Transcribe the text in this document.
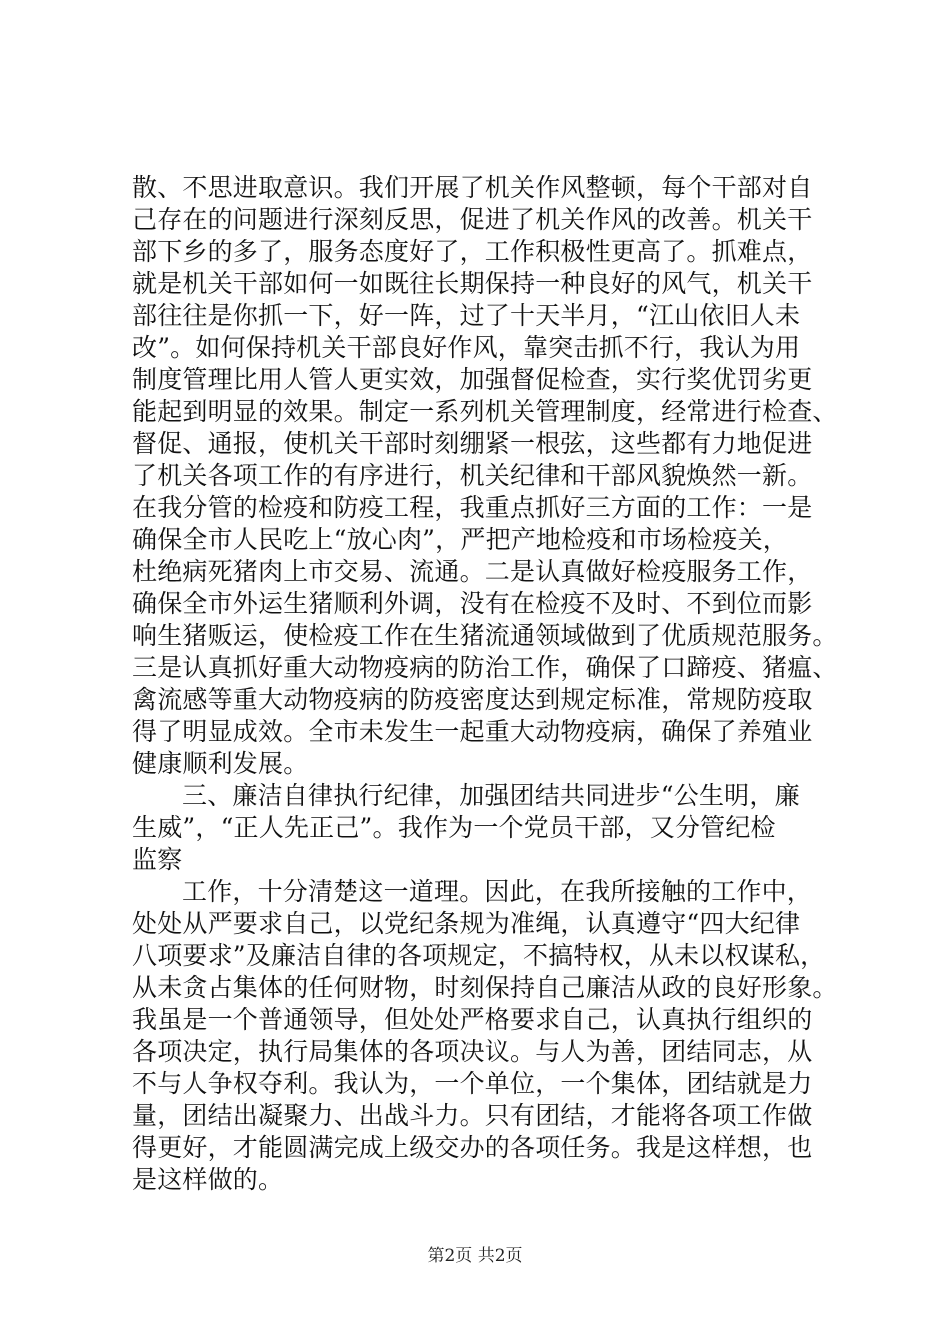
散、不思进取意识。我们开展了机关作风整顿，每个干部对自
己存在的问题进行深刻反思，促进了机关作风的改善。机关干
部下乡的多了，服务态度好了，工作积极性更高了。抓难点，
就是机关干部如何一如既往长期保持一种良好的风气，机关干
部往往是你抓一下，好一阵，过了十天半月，“江山依旧人未
改”。如何保持机关干部良好作风，靠突击抓不行，我认为用
制度管理比用人管人更实效，加强督促检查，实行奖优罚劣更
能起到明显的效果。制定一系列机关管理制度，经常进行检查、
督促、通报，使机关干部时刻绷紧一根弦，这些都有力地促进
了机关各项工作的有序进行，机关纪律和干部风貌焕然一新。
在我分管的检疫和防疫工程，我重点抓好三方面的工作：一是
确保全市人民吃上“放心肉”，严把产地检疫和市场检疫关，
杜绝病死猪肉上市交易、流通。二是认真做好检疫服务工作，
确保全市外运生猪顺利外调，没有在检疫不及时、不到位而影
响生猪贩运，使检疫工作在生猪流通领域做到了优质规范服务。
三是认真抓好重大动物疫病的防治工作，确保了口蹄疫、猪瘟、
禽流感等重大动物疫病的防疫密度达到规定标准，常规防疫取
得了明显成效。全市未发生一起重大动物疫病，确保了养殖业
健康顺利发展。
三、廉洁自律执行纪律，加强团结共同进步“公生明，廉
生威”，“正人先正己”。我作为一个党员干部，又分管纪检
监察
工作，十分清楚这一道理。因此，在我所接触的工作中，
处处从严要求自己，以党纪条规为准绳，认真遵守“四大纪律
八项要求”及廉洁自律的各项规定，不搞特权，从未以权谋私，
从未贪占集体的任何财物，时刻保持自己廉洁从政的良好形象。
我虽是一个普通领导，但处处严格要求自己，认真执行组织的
各项决定，执行局集体的各项决议。与人为善，团结同志，从
不与人争权夺利。我认为，一个单位，一个集体，团结就是力
量，团结出凝聚力、出战斗力。只有团结，才能将各项工作做
得更好，才能圆满完成上级交办的各项任务。我是这样想，也
是这样做的。
第2页 共2页
